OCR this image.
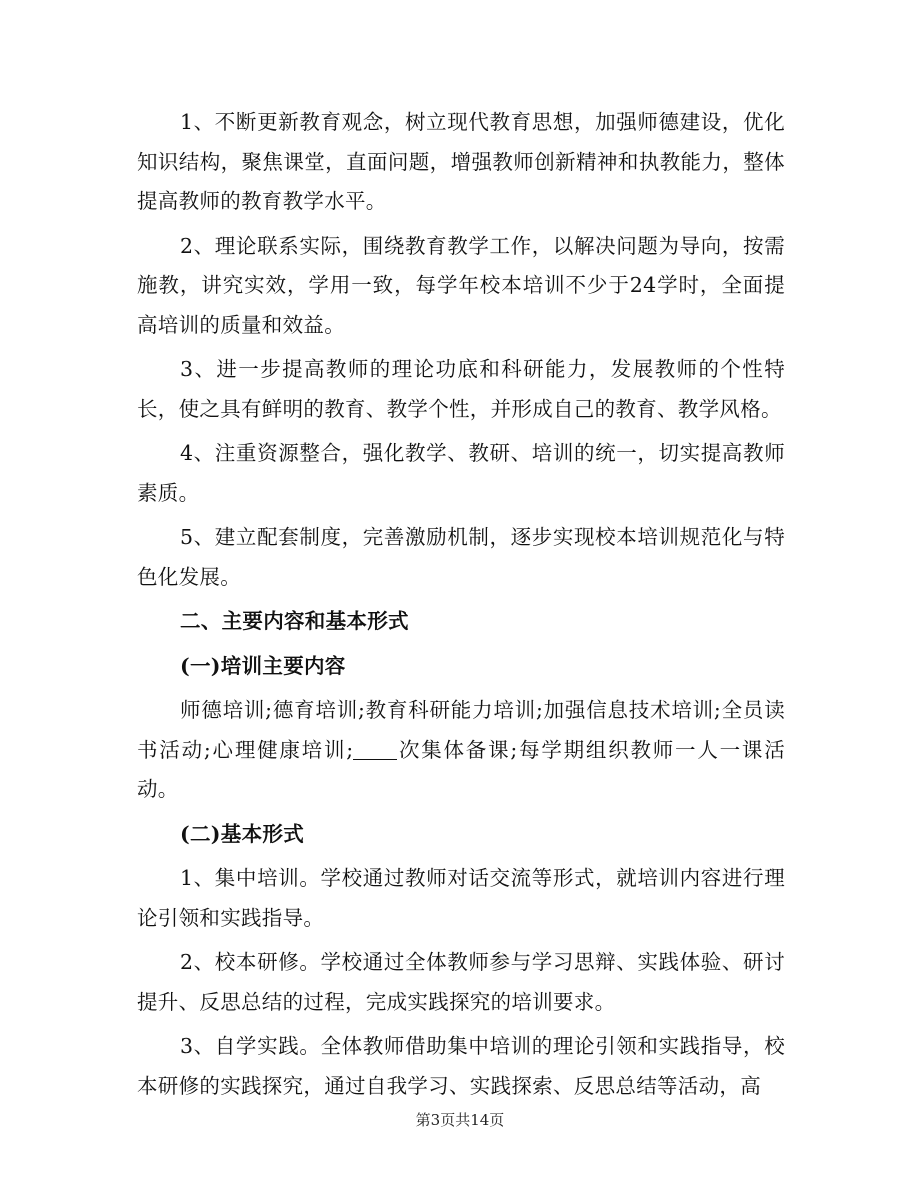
1、不断更新教育观念，树立现代教育思想，加强师德建设，优化知识结构，聚焦课堂，直面问题，增强教师创新精神和执教能力，整体提高教师的教育教学水平。

2、理论联系实际，围绕教育教学工作，以解决问题为导向，按需施教，讲究实效，学用一致，每学年校本培训不少于24学时，全面提高培训的质量和效益。

3、进一步提高教师的理论功底和科研能力，发展教师的个性特长，使之具有鲜明的教育、教学个性，并形成自己的教育、教学风格。

4、注重资源整合，强化教学、教研、培训的统一，切实提高教师素质。

5、建立配套制度，完善激励机制，逐步实现校本培训规范化与特色化发展。

二、主要内容和基本形式

(一)培训主要内容

师德培训;德育培训;教育科研能力培训;加强信息技术培训;全员读书活动;心理健康培训; 次集体备课;每学期组织教师一人一课活动。

(二)基本形式

1、集中培训。学校通过教师对话交流等形式，就培训内容进行理论引领和实践指导。

2、校本研修。学校通过全体教师参与学习思辩、实践体验、研讨提升、反思总结的过程，完成实践探究的培训要求。

3、自学实践。全体教师借助集中培训的理论引领和实践指导，校本研修的实践探究，通过自我学习、实践探索、反思总结等活动，高

第3页共14页
